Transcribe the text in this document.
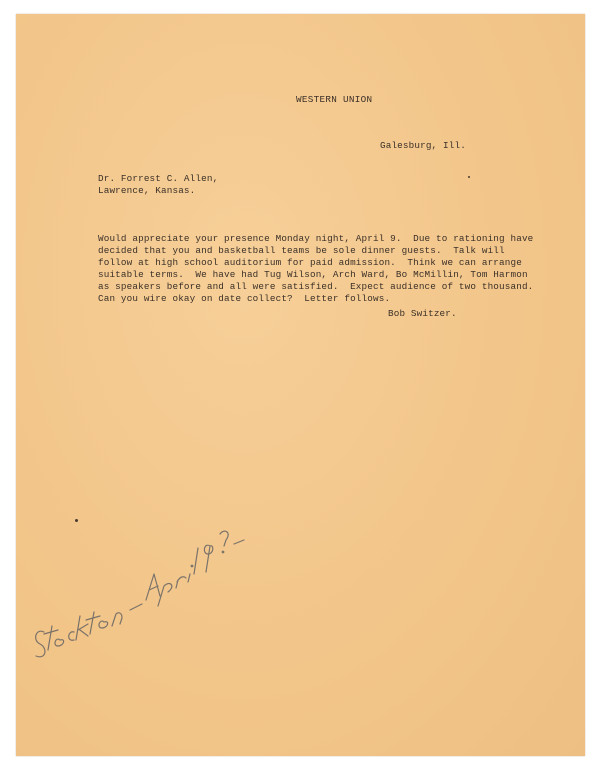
WESTERN UNION
Galesburg, Ill.
Dr. Forrest C. Allen,
Lawrence, Kansas.
Would appreciate your presence Monday night, April 9.  Due to rationing have
decided that you and basketball teams be sole dinner guests.  Talk will
follow at high school auditorium for paid admission.  Think we can arrange
suitable terms.  We have had Tug Wilson, Arch Ward, Bo McMillin, Tom Harmon
as speakers before and all were satisfied.  Expect audience of two thousand.
Can you wire okay on date collect?  Letter follows.
Bob Switzer.
